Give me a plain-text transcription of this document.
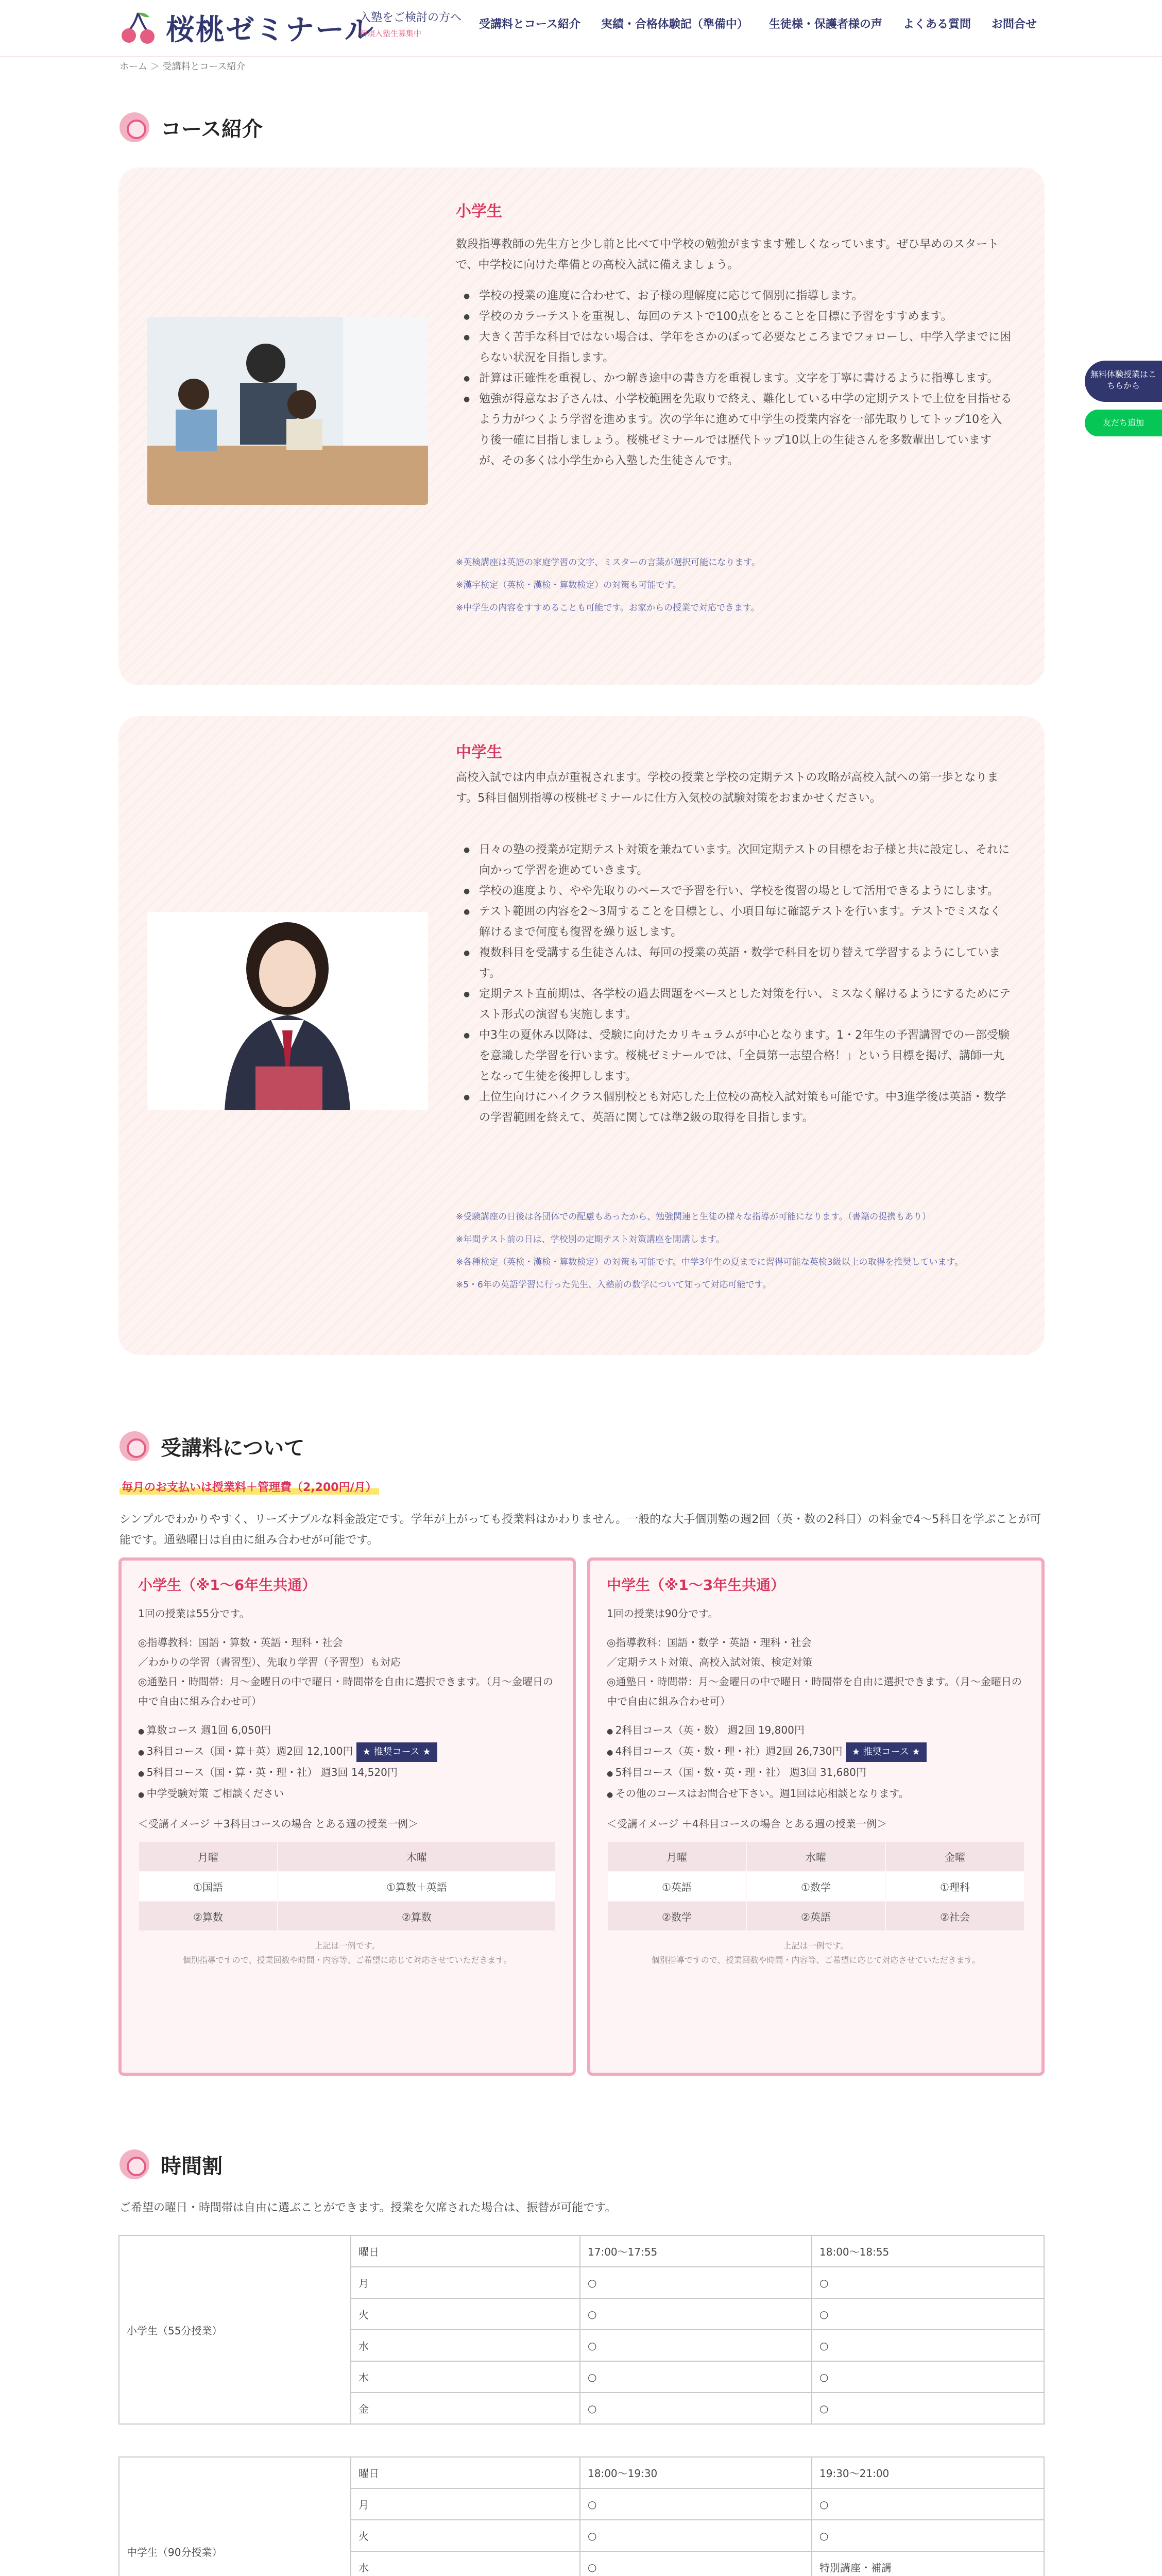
桜桃ゼミナール
入塾をご検討の方へ
新規入塾生募集中
受講料とコース紹介 実績・合格体験記（準備中） 生徒様・保護者様の声 よくある質問 お問合せ
ホーム ＞ 受講料とコース紹介
無料体験授業はこちらから
友だち追加
コース紹介
小学生

数段指導教師の先生方と少し前と比べて中学校の勉強がますます難しくなっています。ぜひ早めのスタートで、中学校に向けた準備との高校入試に備えましょう。

● 学校の授業の進度に合わせて、お子様の理解度に応じて個別に指導します。
● 学校のカラーテストを重視し、毎回のテストで100点をとることを目標に予習をすすめます。
● 大きく苦手な科目ではない場合は、学年をさかのぼって必要なところまでフォローし、中学入学までに困らない状況を目指します。
● 計算は正確性を重視し、かつ解き途中の書き方を重視します。文字を丁寧に書けるように指導します。
● 勉強が得意なお子さんは、小学校範囲を先取りで終え、難化している中学の定期テストで上位を目指せるよう力がつくよう学習を進めます。次の学年に進めて中学生の授業内容を一部先取りしてトップ10を入り後一確に目指しましょう。桜桃ゼミナールでは歴代トップ10以上の生徒さんを多数輩出していますが、その多くは小学生から入塾した生徒さんです。
※英検講座は英語の家庭学習の文字、ミスターの言葉が選択可能になります。
※漢字検定（英検・漢検・算数検定）の対策も可能です。
※中学生の内容をすすめることも可能です。お家からの授業で対応できます。
中学生

高校入試では内申点が重視されます。学校の授業と学校の定期テストの攻略が高校入試への第一歩となります。5科目個別指導の桜桃ゼミナールに仕方入気校の試験対策をおまかせください。

● 日々の塾の授業が定期テスト対策を兼ねています。次回定期テストの目標をお子様と共に設定し、それに向かって学習を進めていきます。
● 学校の進度より、やや先取りのペースで予習を行い、学校を復習の場として活用できるようにします。
● テスト範囲の内容を2〜3周することを目標とし、小項目毎に確認テストを行います。テストでミスなく解けるまで何度も復習を繰り返します。
● 複数科目を受講する生徒さんは、毎回の授業の英語・数学で科目を切り替えて学習するようにしています。
● 定期テスト直前期は、各学校の過去問題をベースとした対策を行い、ミスなく解けるようにするためにテスト形式の演習も実施します。
● 中3生の夏休み以降は、受験に向けたカリキュラムが中心となります。1・2年生の予習講習でのー部受験を意識した学習を行います。桜桃ゼミナールでは、「全員第一志望合格！」という目標を掲げ、講師一丸となって生徒を後押しします。
● 上位生向けにハイクラス個別校とも対応した上位校の高校入試対策も可能です。中3進学後は英語・数学の学習範囲を終えて、英語に関しては準2級の取得を目指します。
※受験講座の日後は各団体での配慮もあったから、勉強関連と生徒の様々な指導が可能になります。（書籍の提携もあり）
※年間テスト前の日は、学校別の定期テスト対策講座を開講します。
※各種検定（英検・漢検・算数検定）の対策も可能です。中学3年生の夏までに習得可能な英検3級以上の取得を推奨しています。
※5・6年の英語学習に行った先生、入塾前の数学について知って対応可能です。
受講料について
毎月のお支払いは授業料＋管理費（2,200円/月）

シンプルでわかりやすく、リーズナブルな料金設定です。学年が上がっても授業料はかわりません。一般的な大手個別塾の週2回（英・数の2科目）の料金で4〜5科目を学ぶことが可能です。通塾曜日は自由に組み合わせが可能です。

小学生（※1〜6年生共通）

1回の授業は55分です。

◎指導教科：国語・算数・英語・理科・社会

／わかりの学習（書習型）、先取り学習（予習型）も対応

◎通塾日・時間帯：月〜金曜日の中で曜日・時間帯を自由に選択できます。（月〜金曜日の中で自由に組み合わせ可）

● 算数コース 週1回 6,050円
● 3科目コース（国・算＋英）週2回 12,100円 ★ 推奨コース ★
● 5科目コース（国・算・英・理・社） 週3回 14,520円
● 中学受験対策 ご相談ください

＜受講イメージ ＋3科目コースの場合 とある週の授業一例＞

月曜	木曜
①国語	①算数＋英語
②算数	②算数
上記は一例です。
個別指導ですので、授業回数や時間・内容等、ご希望に応じて対応させていただきます。
中学生（※1〜3年生共通）

1回の授業は90分です。

◎指導教科：国語・数学・英語・理科・社会

／定期テスト対策、高校入試対策、検定対策

◎通塾日・時間帯：月〜金曜日の中で曜日・時間帯を自由に選択できます。（月〜金曜日の中で自由に組み合わせ可）

● 2科目コース（英・数） 週2回 19,800円
● 4科目コース（英・数・理・社）週2回 26,730円 ★ 推奨コース ★
● 5科目コース（国・数・英・理・社） 週3回 31,680円
● その他のコースはお問合せ下さい。週1回は応相談となります。

＜受講イメージ ＋4科目コースの場合 とある週の授業一例＞

月曜	水曜	金曜
①英語	①数学	①理科
②数学	②英語	②社会
上記は一例です。
個別指導ですので、授業回数や時間・内容等、ご希望に応じて対応させていただきます。
時間割

ご希望の曜日・時間帯は自由に選ぶことができます。授業を欠席された場合は、振替が可能です。

小学生（55分授業）	曜日	17:00〜17:55	18:00〜18:55
	月	○	○
	火	○	○
	水	○	○
	木	○	○
	金	○	○
中学生（90分授業）	曜日	18:00〜19:30	19:30〜21:00
	月	○	○
	火	○	○
	水	○	特別講座・補講
